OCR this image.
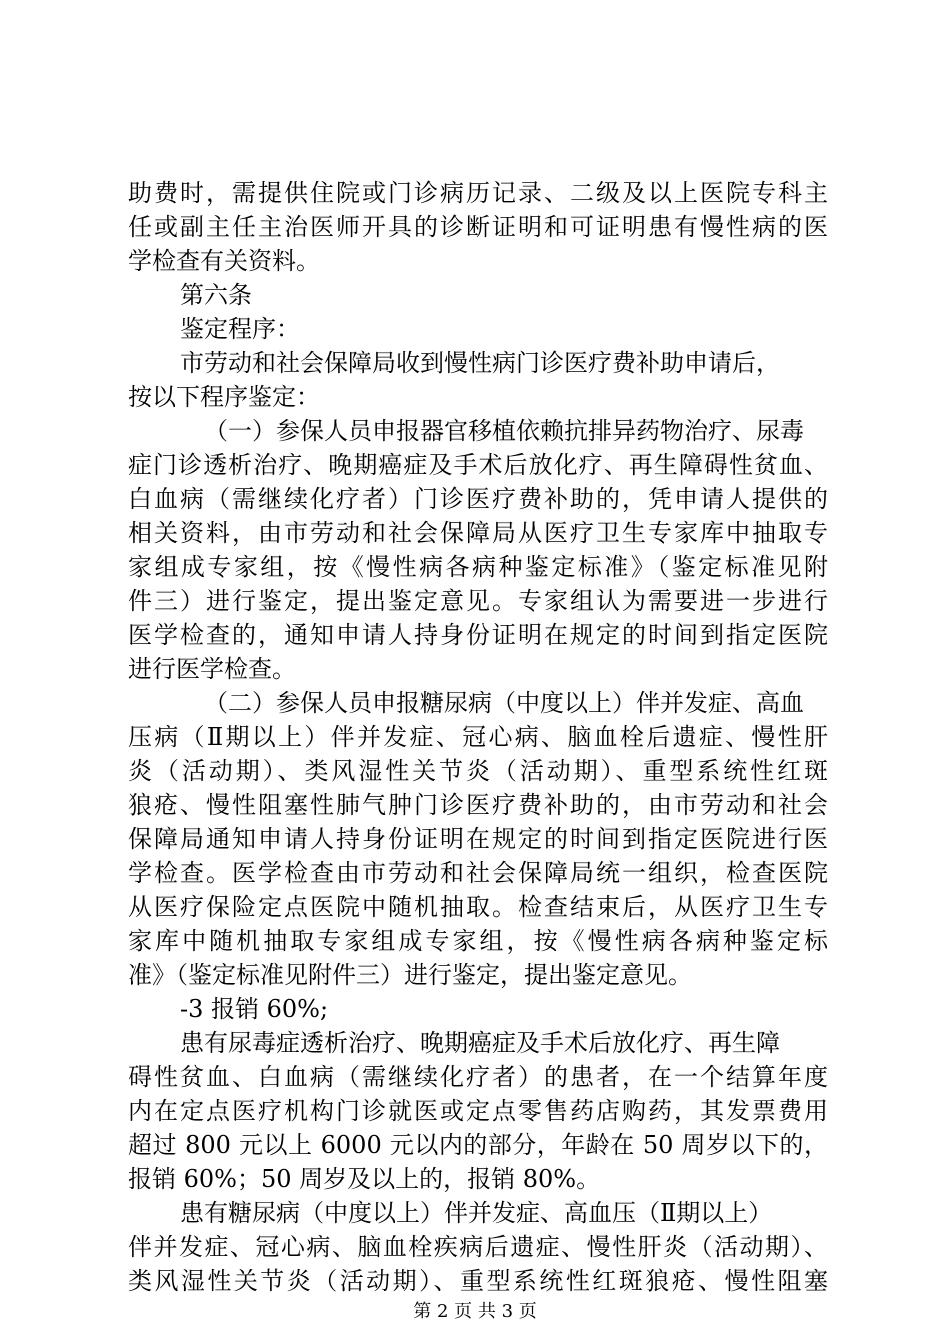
助费时，需提供住院或门诊病历记录、二级及以上医院专科主
任或副主任主治医师开具的诊断证明和可证明患有慢性病的医
学检查有关资料。
第六条
鉴定程序：
市劳动和社会保障局收到慢性病门诊医疗费补助申请后，
按以下程序鉴定：
（一）参保人员申报器官移植依赖抗排异药物治疗、尿毒
症门诊透析治疗、晚期癌症及手术后放化疗、再生障碍性贫血、
白血病（需继续化疗者）门诊医疗费补助的，凭申请人提供的
相关资料，由市劳动和社会保障局从医疗卫生专家库中抽取专
家组成专家组，按《慢性病各病种鉴定标准》（鉴定标准见附
件三）进行鉴定，提出鉴定意见。专家组认为需要进一步进行
医学检查的，通知申请人持身份证明在规定的时间到指定医院
进行医学检查。
（二）参保人员申报糖尿病（中度以上）伴并发症、高血
压病（Ⅱ期以上）伴并发症、冠心病、脑血栓后遗症、慢性肝
炎（活动期）、类风湿性关节炎（活动期）、重型系统性红斑
狼疮、慢性阻塞性肺气肿门诊医疗费补助的，由市劳动和社会
保障局通知申请人持身份证明在规定的时间到指定医院进行医
学检查。医学检查由市劳动和社会保障局统一组织，检查医院
从医疗保险定点医院中随机抽取。检查结束后，从医疗卫生专
家库中随机抽取专家组成专家组，按《慢性病各病种鉴定标
准》（鉴定标准见附件三）进行鉴定，提出鉴定意见。
-3 报销 60%;
患有尿毒症透析治疗、晚期癌症及手术后放化疗、再生障
碍性贫血、白血病（需继续化疗者）的患者，在一个结算年度
内在定点医疗机构门诊就医或定点零售药店购药，其发票费用
超过 800 元以上 6000 元以内的部分，年龄在 50 周岁以下的，
报销 60%；50 周岁及以上的，报销 80%。
患有糖尿病（中度以上）伴并发症、高血压（Ⅱ期以上）
伴并发症、冠心病、脑血栓疾病后遗症、慢性肝炎（活动期）、
类风湿性关节炎（活动期）、重型系统性红斑狼疮、慢性阻塞
第 2 页 共 3 页
